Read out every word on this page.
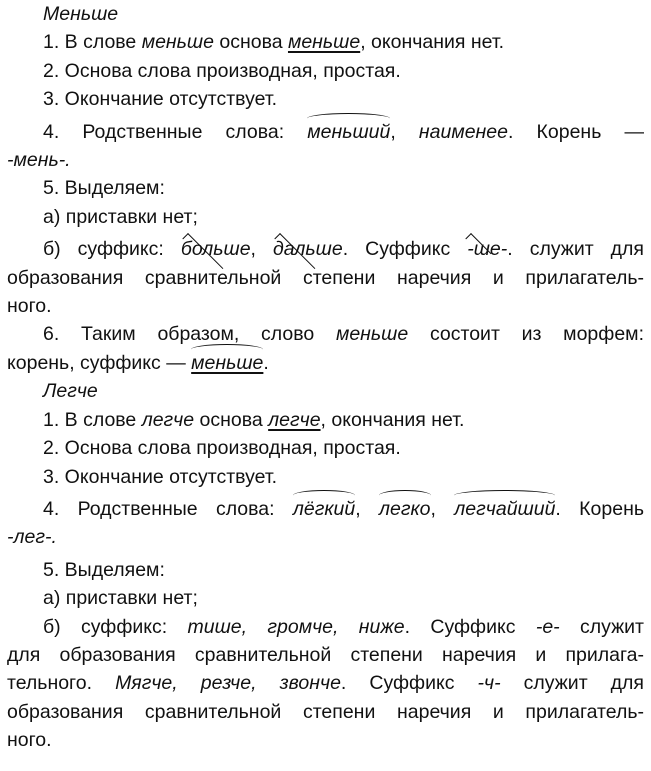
Меньше
1. В слове меньше основа меньше, окончания нет.
2. Основа слова производная, простая.
3. Окончание отсутствует.
4. Родственные слова: меньший, наименее. Корень —
-мень-.
5. Выделяем:
а) приставки нет;
б) суффикс: больше, дальше. Суффикс -ше-. служит для
образования сравнительной степени наречия и прилагатель-
ного.
6. Таким образом, слово меньше состоит из морфем:
корень, суффикс — меньше.
Легче
1. В слове легче основа легче, окончания нет.
2. Основа слова производная, простая.
3. Окончание отсутствует.
4. Родственные слова: лёгкий, легко, легчайший. Корень
-лег-.
5. Выделяем:
а) приставки нет;
б) суффикс: тише, громче, ниже. Суффикс -е- служит
для образования сравнительной степени наречия и прилага-
тельного. Мягче, резче, звонче. Суффикс -ч- служит для
образования сравнительной степени наречия и прилагатель-
ного.
